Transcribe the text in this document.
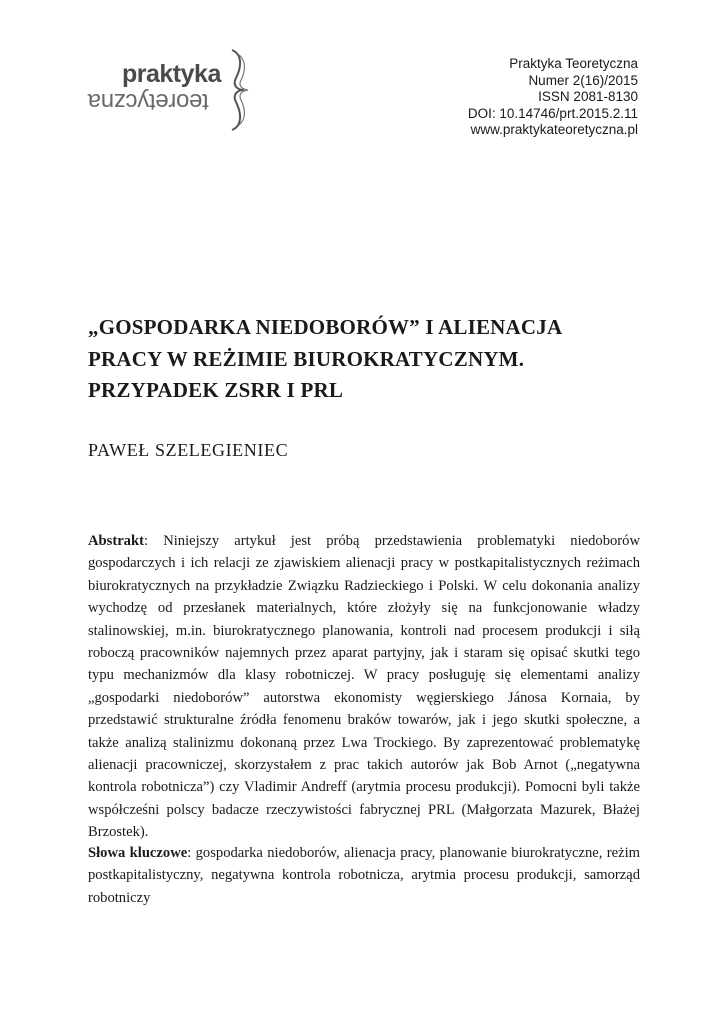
praktyka
teoretyczna
Praktyka Teoretyczna
Numer 2(16)/2015
ISSN 2081-8130
DOI: 10.14746/prt.2015.2.11
www.praktykateoretyczna.pl
„GOSPODARKA NIEDOBORÓW” I ALIENACJA
PRACY W REŻIMIE BIUROKRATYCZNYM.
PRZYPADEK ZSRR I PRL
PAWEŁ SZELEGIENIEC
Abstrakt: Niniejszy artykuł jest próbą przedstawienia problematyki niedoborów gospodarczych i ich relacji ze zjawiskiem alienacji pracy w postkapitalistycznych reżimach biurokratycznych na przykładzie Związku Radzieckiego i Polski. W celu dokonania analizy wychodzę od przesłanek materialnych, które złożyły się na funkcjonowanie władzy stalinowskiej, m.in. biurokratycznego planowania, kontroli nad procesem produkcji i siłą roboczą pracowników najemnych przez aparat partyjny, jak i staram się opisać skutki tego typu mechanizmów dla klasy robotniczej. W pracy posługuję się elementami analizy „gospodarki niedoborów” autorstwa ekonomisty węgierskiego Jánosa Kornaia, by przedstawić strukturalne źródła fenomenu braków towarów, jak i jego skutki społeczne, a także analizą stalinizmu dokonaną przez Lwa Trockiego. By zaprezentować problematykę alienacji pracowniczej, skorzystałem z prac takich autorów jak Bob Arnot („negatywna kontrola robotnicza”) czy Vladimir Andreff (arytmia procesu produkcji). Pomocni byli także współcześni polscy badacze rzeczywistości fabrycznej PRL (Małgorzata Mazurek, Błażej Brzostek).
Słowa kluczowe: gospodarka niedoborów, alienacja pracy, planowanie biurokratyczne, reżim postkapitalistyczny, negatywna kontrola robotnicza, arytmia procesu produkcji, samorząd robotniczy
